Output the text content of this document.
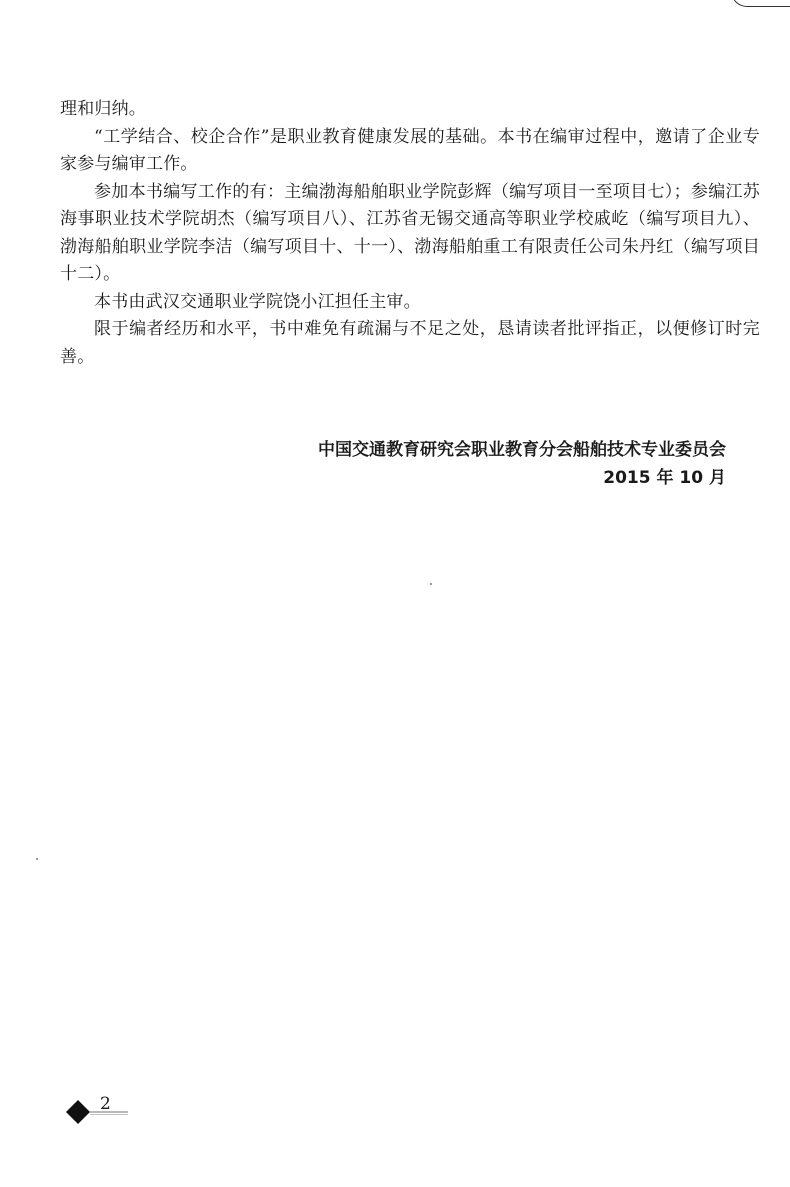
理和归纳。

“工学结合、校企合作”是职业教育健康发展的基础。本书在编审过程中，邀请了企业专家参与编审工作。

参加本书编写工作的有：主编渤海船舶职业学院彭辉（编写项目一至项目七）；参编江苏海事职业技术学院胡杰（编写项目八）、江苏省无锡交通高等职业学校戚屹（编写项目九）、渤海船舶职业学院李洁（编写项目十、十一）、渤海船舶重工有限责任公司朱丹红（编写项目十二）。

本书由武汉交通职业学院饶小江担任主审。

限于编者经历和水平，书中难免有疏漏与不足之处，恳请读者批评指正，以便修订时完善。

中国交通教育研究会职业教育分会船舶技术专业委员会
2015 年 10 月
2
